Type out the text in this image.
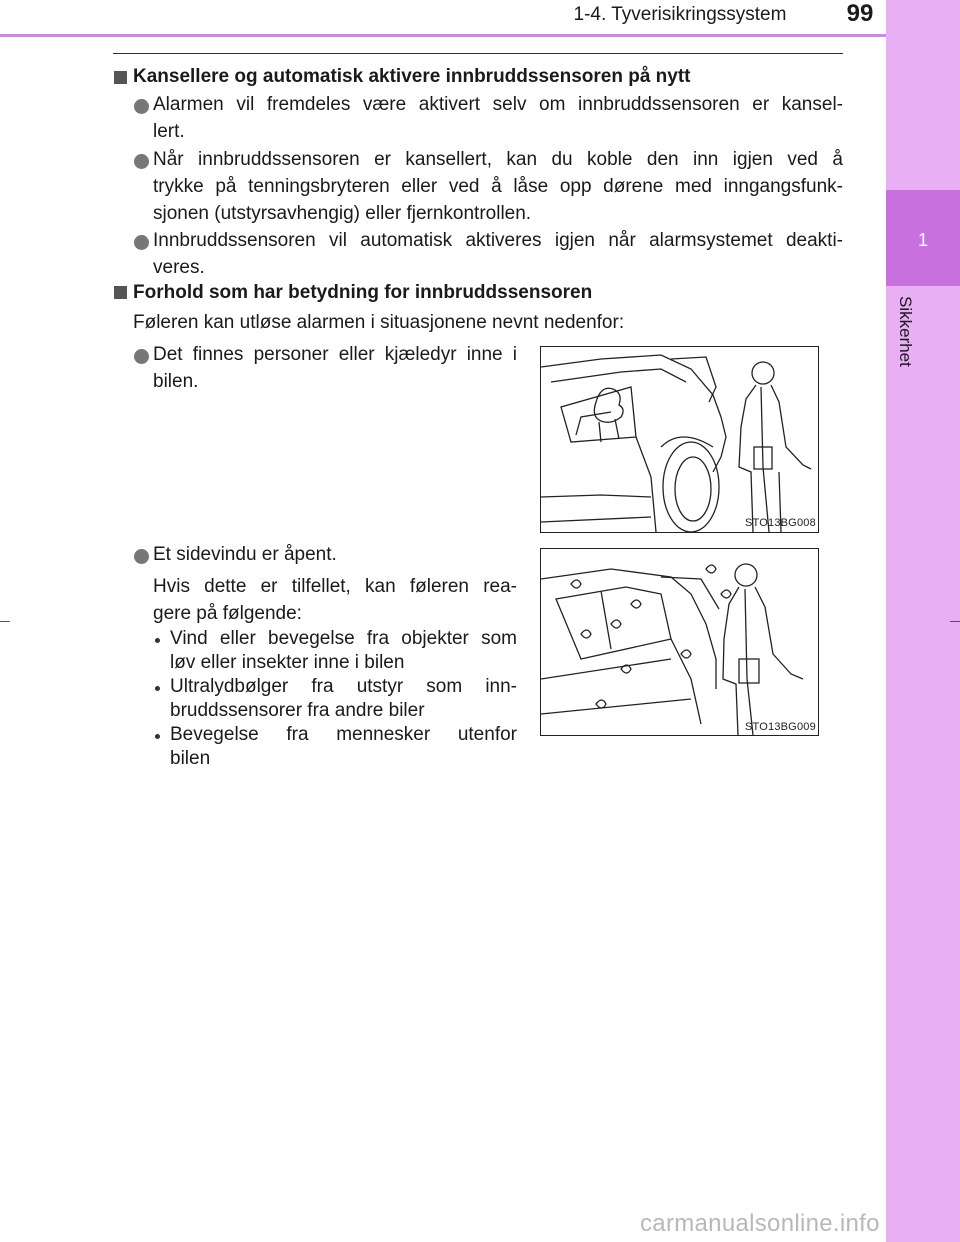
1-4. Tyverisikringssystem	99
1
Sikkerhet
Kansellere og automatisk aktivere innbruddssensoren på nytt
Alarmen vil fremdeles være aktivert selv om innbruddssensoren er kansel-
lert.
Når innbruddssensoren er kansellert, kan du koble den inn igjen ved å
trykke på tenningsbryteren eller ved å låse opp dørene med inngangsfunk-
sjonen (utstyrsavhengig) eller fjernkontrollen.
Innbruddssensoren vil automatisk aktiveres igjen når alarmsystemet deakti-
veres.
Forhold som har betydning for innbruddssensoren
Føleren kan utløse alarmen i situasjonene nevnt nedenfor:
Det finnes personer eller kjæledyr inne i
bilen.
STO13BG008
Et sidevindu er åpent.
Hvis dette er tilfellet, kan føleren rea-
gere på følgende:
Vind eller bevegelse fra objekter som
løv eller insekter inne i bilen
Ultralydbølger fra utstyr som inn-
bruddssensorer fra andre biler
Bevegelse fra mennesker utenfor
bilen
STO13BG009
carmanualsonline.info
